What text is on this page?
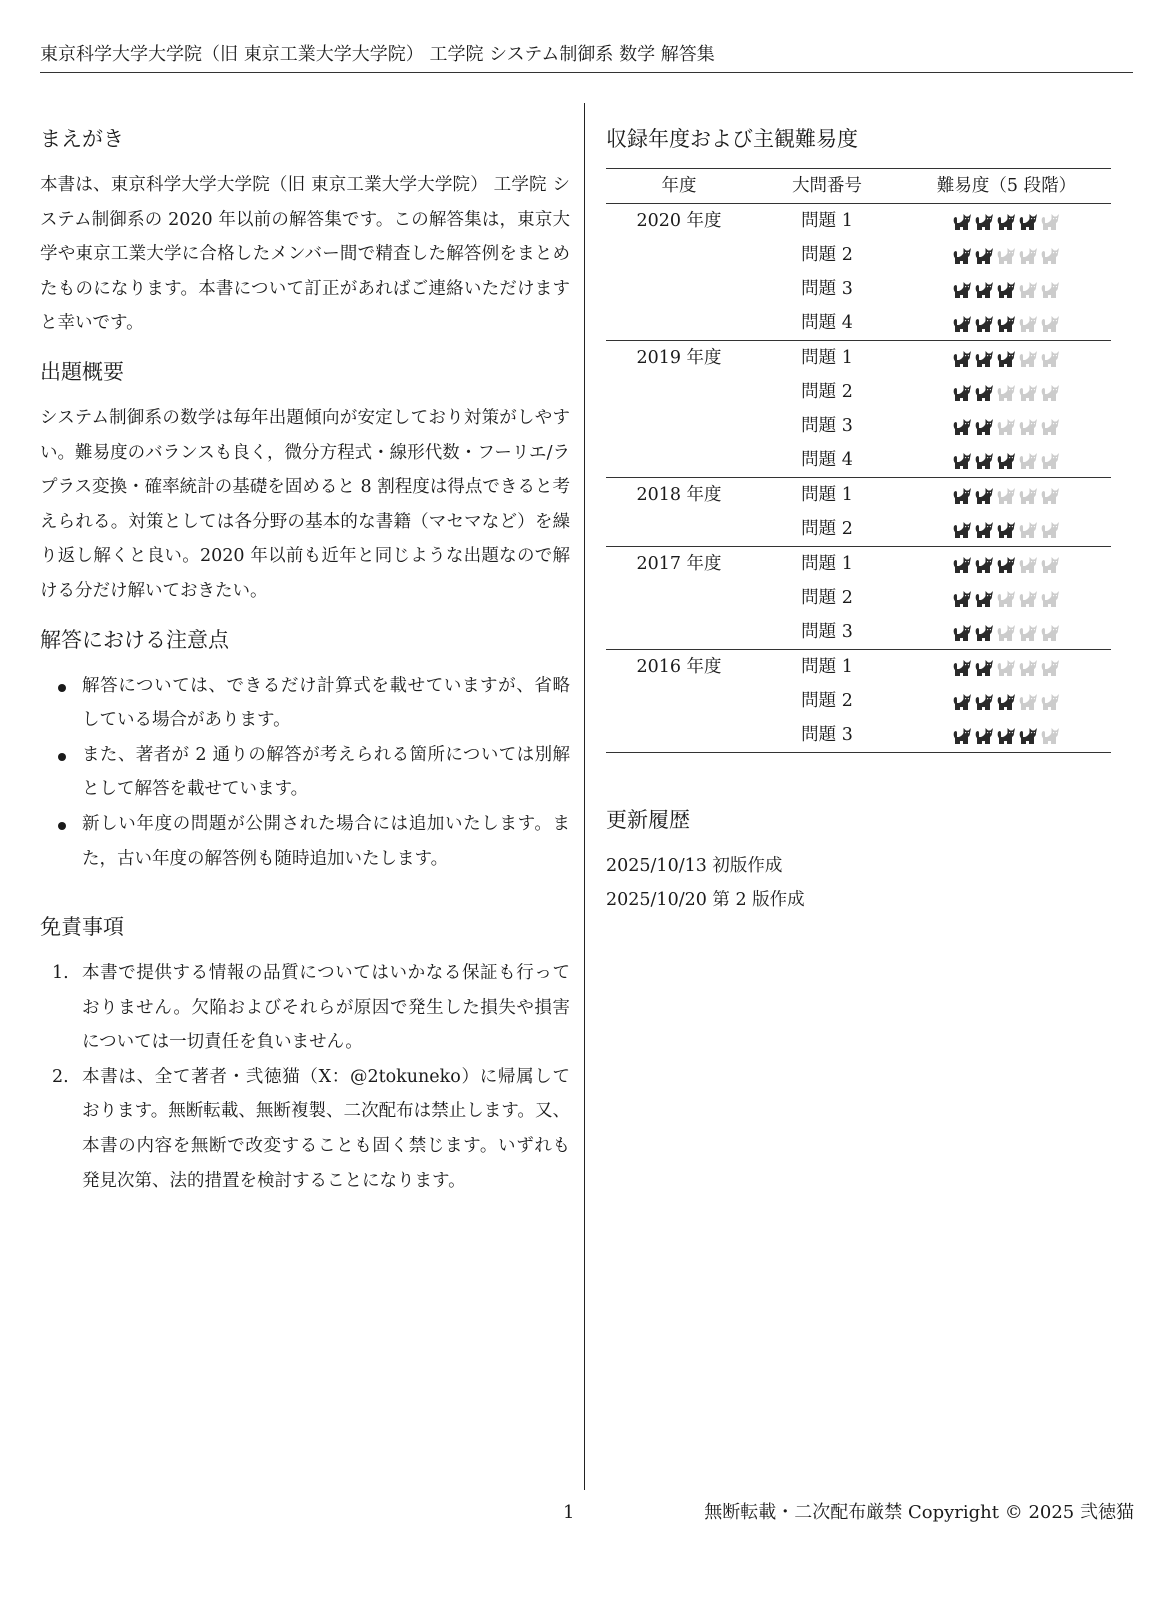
東京科学大学大学院（旧 東京工業大学大学院） 工学院 システム制御系 数学 解答集
まえがき

本書は、東京科学大学大学院（旧 東京工業大学大学院） 工学院 システム制御系の 2020 年以前の解答集です。この解答集は，東京大学や東京工業大学に合格したメンバー間で精査した解答例をまとめたものになります。本書について訂正があればご連絡いただけますと幸いです。

出題概要

システム制御系の数学は毎年出題傾向が安定しており対策がしやすい。難易度のバランスも良く，微分方程式・線形代数・フーリエ/ラプラス変換・確率統計の基礎を固めると 8 割程度は得点できると考えられる。対策としては各分野の基本的な書籍（マセマなど）を繰り返し解くと良い。2020 年以前も近年と同じような出題なので解ける分だけ解いておきたい。

解答における注意点
解答については、できるだけ計算式を載せていますが、省略している場合があります。
また、著者が 2 通りの解答が考えられる箇所については別解として解答を載せています。
新しい年度の問題が公開された場合には追加いたします。また，古い年度の解答例も随時追加いたします。
免責事項
1. 本書で提供する情報の品質についてはいかなる保証も行っておりません。欠陥およびそれらが原因で発生した損失や損害については一切責任を負いません。
2. 本書は、全て著者・弐徳猫（X：@2tokuneko）に帰属しております。無断転載、無断複製、二次配布は禁止します。又、本書の内容を無断で改変することも固く禁じます。いずれも発見次第、法的措置を検討することになります。
収録年度および主観難易度
年度	大問番号	難易度（5 段階）
2020 年度	問題 1	

	問題 2	

	問題 3	

	問題 4	

2019 年度	問題 1	

	問題 2	

	問題 3	

	問題 4	

2018 年度	問題 1	

	問題 2	

2017 年度	問題 1	

	問題 2	

	問題 3	

2016 年度	問題 1	

	問題 2	

	問題 3	
更新履歴
2025/10/13 初版作成
2025/10/20 第 2 版作成
1	無断転載・二次配布厳禁 Copyright © 2025 弐徳猫
